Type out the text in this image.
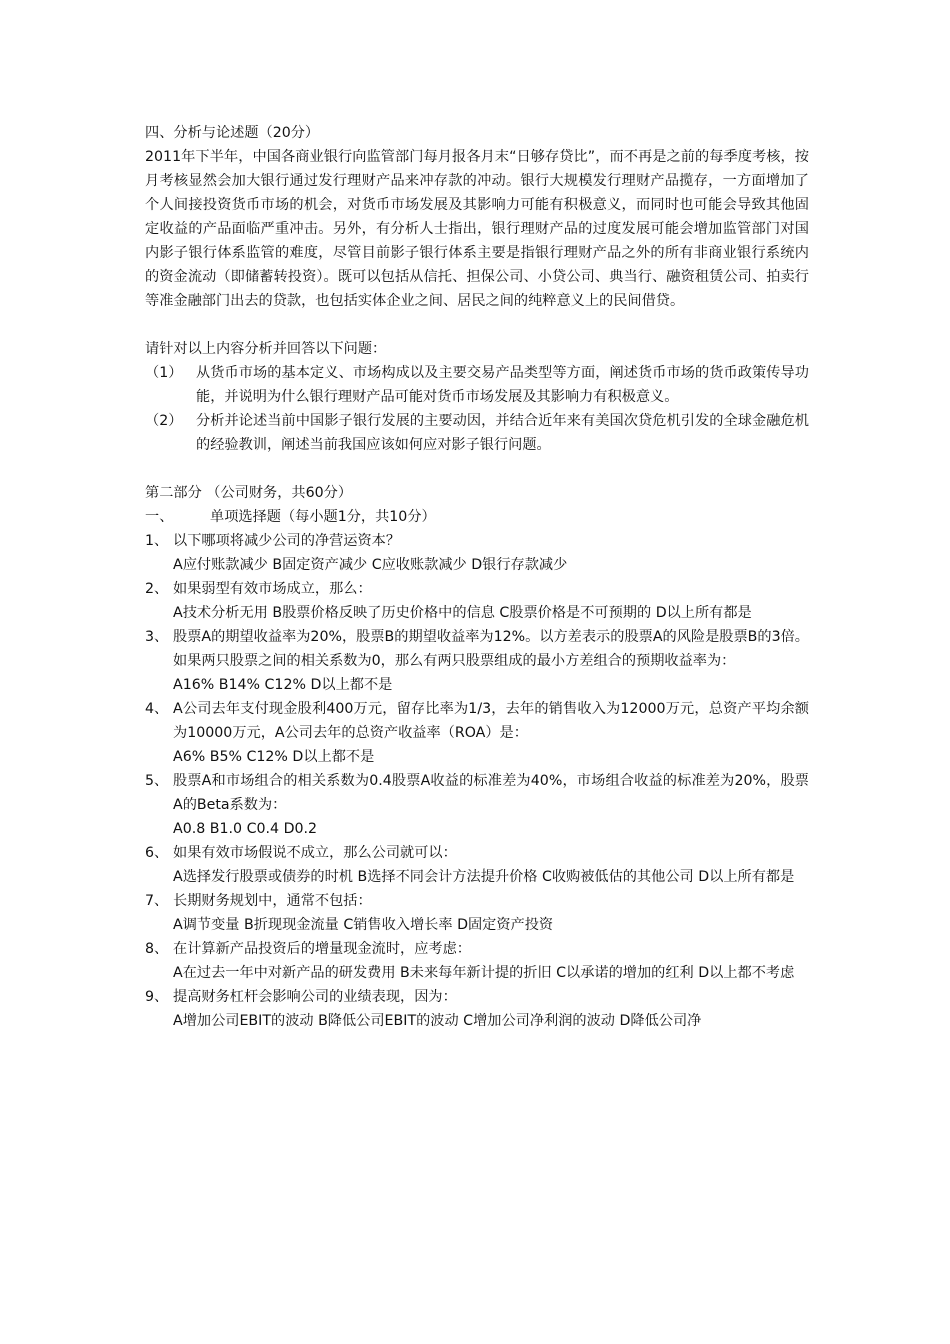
四、分析与论述题（20分）
2011年下半年，中国各商业银行向监管部门每月报各月末“日够存贷比”，而不再是之前的每季度考核，按月考核显然会加大银行通过发行理财产品来冲存款的冲动。银行大规模发行理财产品揽存，一方面增加了个人间接投资货币市场的机会，对货币市场发展及其影响力可能有积极意义，而同时也可能会导致其他固定收益的产品面临严重冲击。另外，有分析人士指出，银行理财产品的过度发展可能会增加监管部门对国内影子银行体系监管的难度，尽管目前影子银行体系主要是指银行理财产品之外的所有非商业银行系统内的资金流动（即储蓄转投资）。既可以包括从信托、担保公司、小贷公司、典当行、融资租赁公司、拍卖行等准金融部门出去的贷款，也包括实体企业之间、居民之间的纯粹意义上的民间借贷。
请针对以上内容分析并回答以下问题：
（1） 从货币市场的基本定义、市场构成以及主要交易产品类型等方面，阐述货币市场的货币政策传导功能，并说明为什么银行理财产品可能对货币市场发展及其影响力有积极意义。
（2） 分析并论述当前中国影子银行发展的主要动因，并结合近年来有美国次贷危机引发的全球金融危机的经验教训，阐述当前我国应该如何应对影子银行问题。
第二部分 （公司财务，共60分）
一、	单项选择题（每小题1分，共10分）
1、 以下哪项将减少公司的净营运资本？
A应付账款减少 B固定资产减少 C应收账款减少 D银行存款减少
2、 如果弱型有效市场成立，那么：
A技术分析无用 B股票价格反映了历史价格中的信息 C股票价格是不可预期的 D以上所有都是
3、 股票A的期望收益率为20%，股票B的期望收益率为12%。以方差表示的股票A的风险是股票B的3倍。如果两只股票之间的相关系数为0，那么有两只股票组成的最小方差组合的预期收益率为：
A16% B14% C12% D以上都不是
4、 A公司去年支付现金股利400万元，留存比率为1/3，去年的销售收入为12000万元，总资产平均余额为10000万元，A公司去年的总资产收益率（ROA）是：
A6% B5% C12% D以上都不是
5、 股票A和市场组合的相关系数为0.4股票A收益的标准差为40%，市场组合收益的标准差为20%，股票A的Beta系数为：
A0.8 B1.0 C0.4 D0.2
6、 如果有效市场假说不成立，那么公司就可以：
A选择发行股票或债券的时机 B选择不同会计方法提升价格 C收购被低估的其他公司 D以上所有都是
7、 长期财务规划中，通常不包括：
A调节变量 B折现现金流量 C销售收入增长率 D固定资产投资
8、 在计算新产品投资后的增量现金流时，应考虑：
A在过去一年中对新产品的研发费用 B未来每年新计提的折旧 C以承诺的增加的红利 D以上都不考虑
9、 提高财务杠杆会影响公司的业绩表现，因为：
A增加公司EBIT的波动 B降低公司EBIT的波动 C增加公司净利润的波动 D降低公司净
